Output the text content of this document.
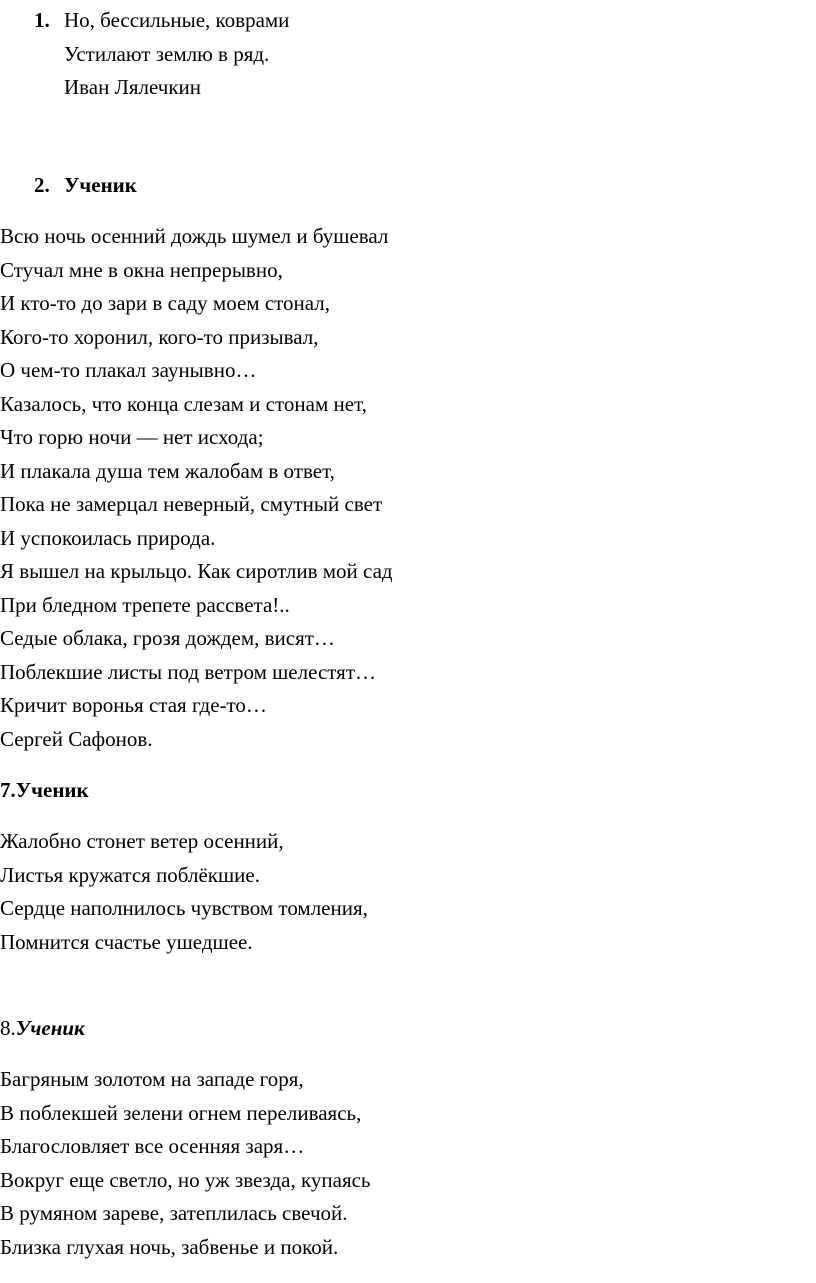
1. Но, бессильные, коврами
Устилают землю в ряд.
Иван Лялечкин
2. Ученик
Всю ночь осенний дождь шумел и бушевал
Стучал мне в окна непрерывно,
И кто-то до зари в саду моем стонал,
Кого-то хоронил, кого-то призывал,
О чем-то плакал заунывно…
Казалось, что конца слезам и стонам нет,
Что горю ночи — нет исхода;
И плакала душа тем жалобам в ответ,
Пока не замерцал неверный, смутный свет
И успокоилась природа.
Я вышел на крыльцо. Как сиротлив мой сад
При бледном трепете рассвета!..
Седые облака, грозя дождем, висят…
Поблекшие листы под ветром шелестят…
Кричит воронья стая где-то…
Сергей Сафонов.
7.Ученик
Жалобно стонет ветер осенний,
Листья кружатся поблёкшие.
Сердце наполнилось чувством томления,
Помнится счастье ушедшее.
8.Ученик
Багряным золотом на западе горя,
В поблекшей зелени огнем переливаясь,
Благословляет все осенняя заря…
Вокруг еще светло, но уж звезда, купаясь
В румяном зареве, затеплилась свечой.
Близка глухая ночь, забвенье и покой.
